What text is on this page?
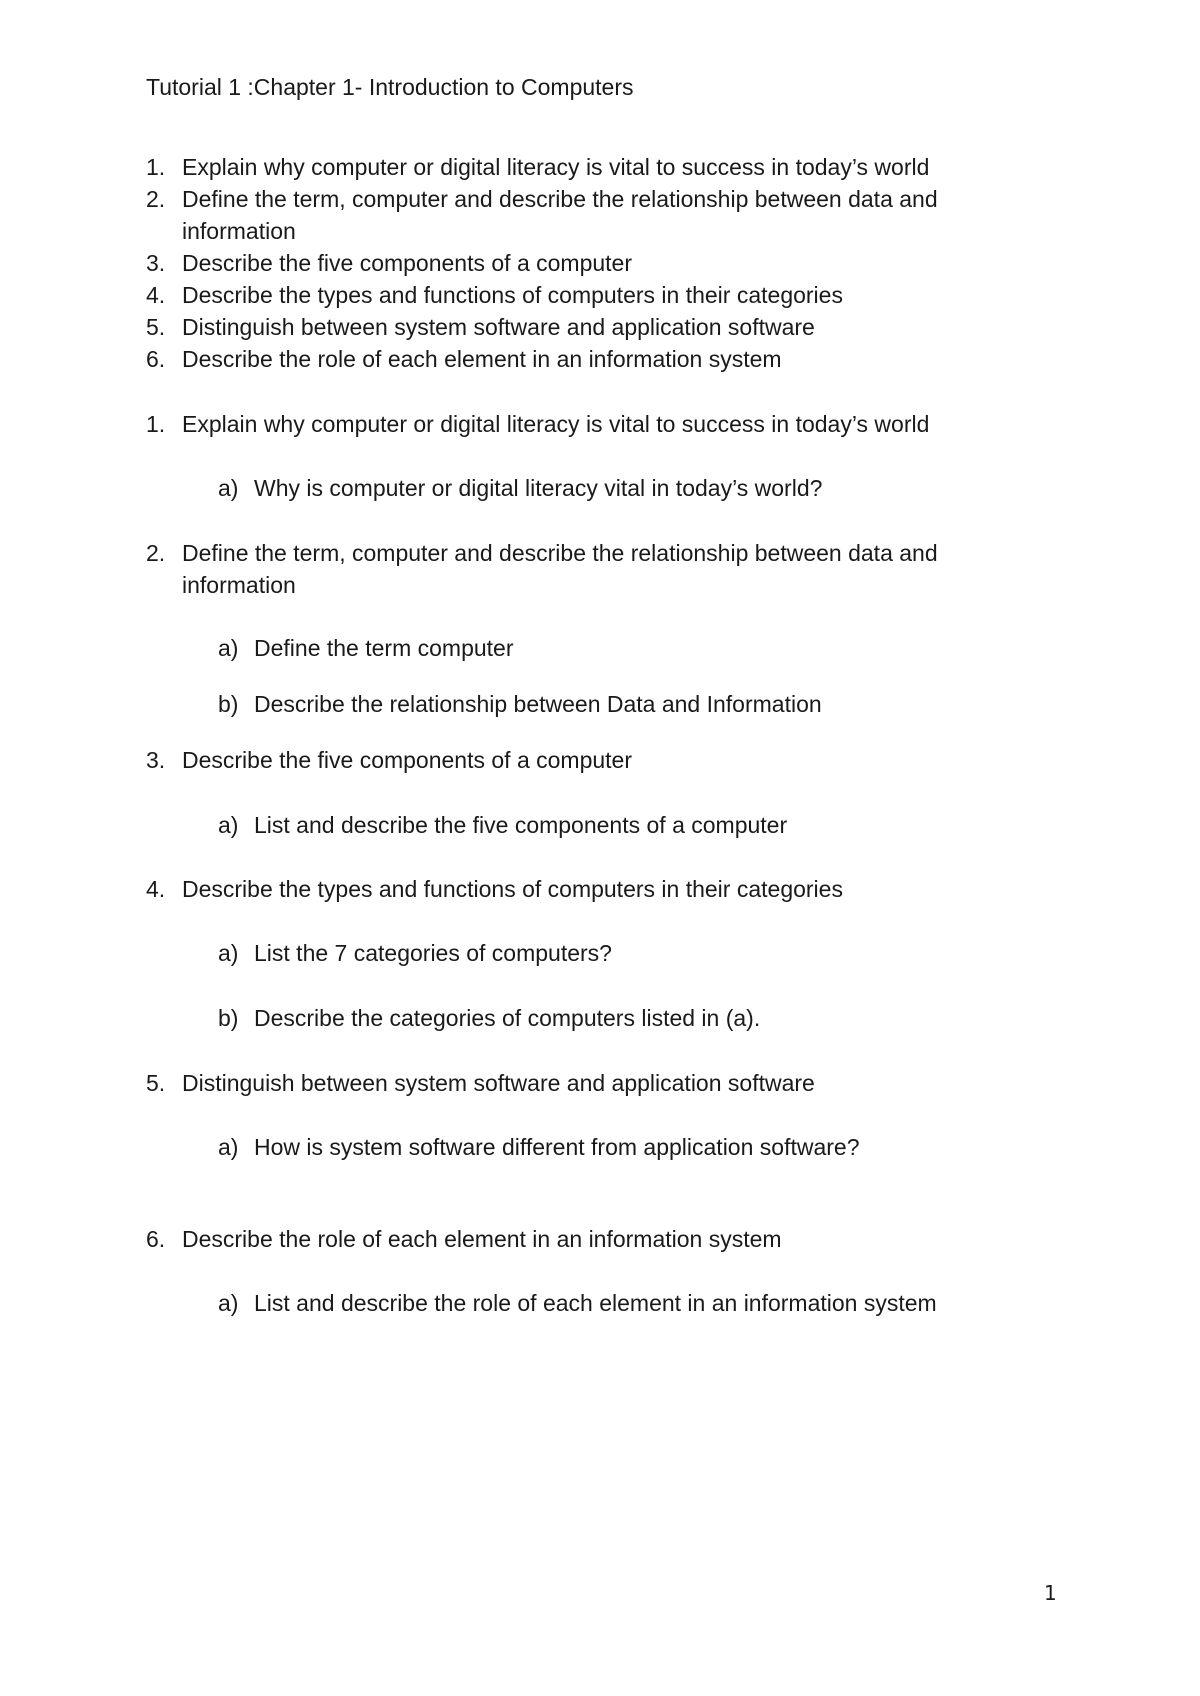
Tutorial 1 :Chapter 1- Introduction to Computers
1. Explain why computer or digital literacy is vital to success in today’s world
2. Define the term, computer and describe the relationship between data and
information
3. Describe the five components of a computer
4. Describe the types and functions of computers in their categories
5. Distinguish between system software and application software
6. Describe the role of each element in an information system
1. Explain why computer or digital literacy is vital to success in today’s world
a) Why is computer or digital literacy vital in today’s world?
2. Define the term, computer and describe the relationship between data and
information
a) Define the term computer
b) Describe the relationship between Data and Information
3. Describe the five components of a computer
a) List and describe the five components of a computer
4. Describe the types and functions of computers in their categories
a) List the 7 categories of computers?
b) Describe the categories of computers listed in (a).
5. Distinguish between system software and application software
a) How is system software different from application software?
6. Describe the role of each element in an information system
a) List and describe the role of each element in an information system
1
